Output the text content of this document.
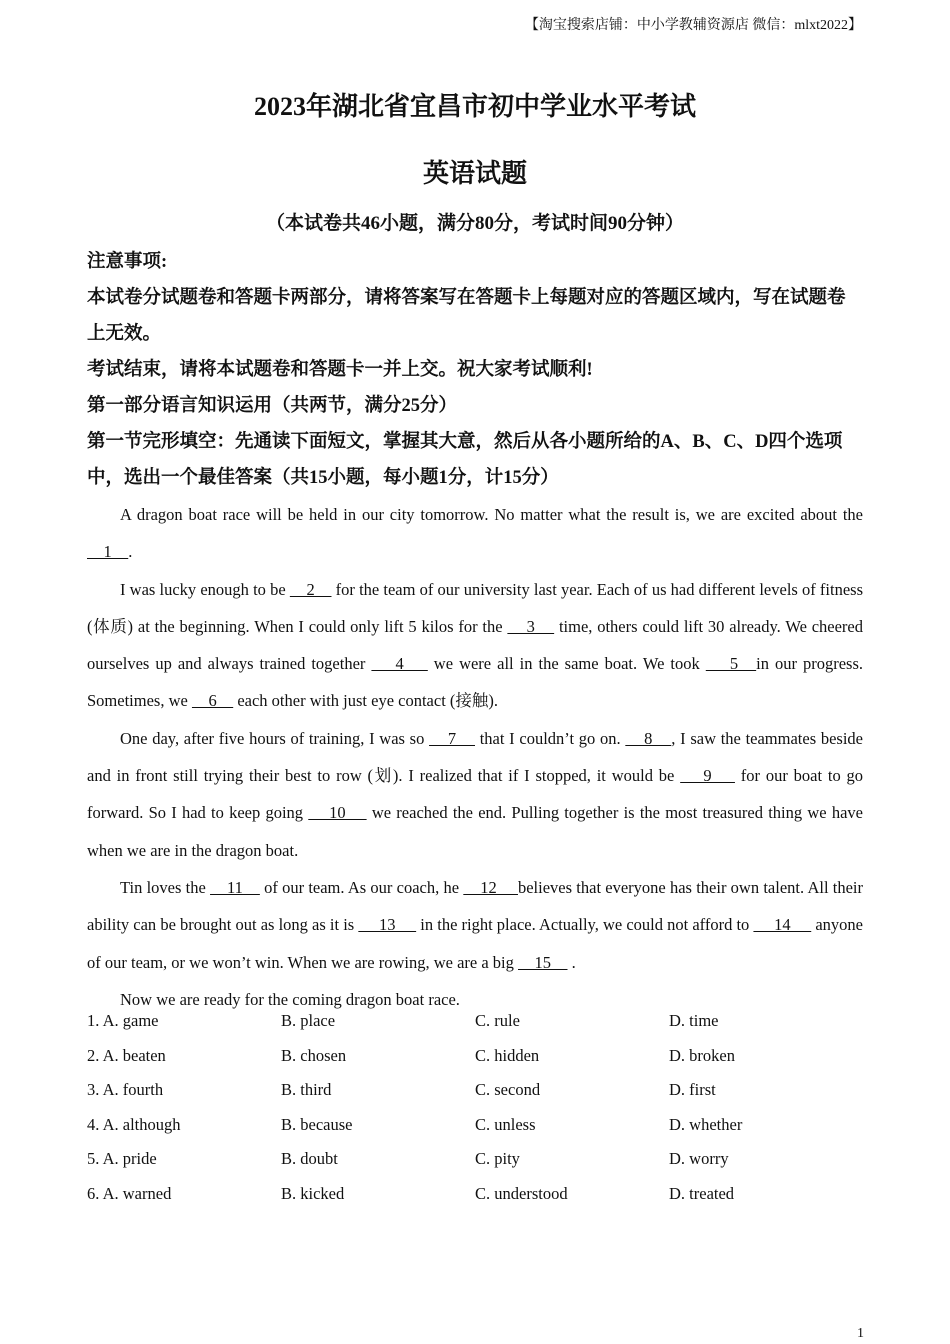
【淘宝搜索店铺：中小学教辅资源店 微信：mlxt2022】
2023年湖北省宜昌市初中学业水平考试
英语试题
（本试卷共46小题，满分80分，考试时间90分钟）

注意事项:

本试卷分试题卷和答题卡两部分，请将答案写在答题卡上每题对应的答题区域内，写在试题卷上无效。

考试结束，请将本试题卷和答题卡一并上交。祝大家考试顺利!

第一部分语言知识运用（共两节，满分25分）

第一节完形填空：先通读下面短文，掌握其大意，然后从各小题所给的A、B、C、D四个选项中，选出一个最佳答案（共15小题，每小题1分，计15分）

A dragon boat race will be held in our city tomorrow. No matter what the result is, we are excited about the     1    .

I was lucky enough to be     2     for the team of our university last year. Each of us had different levels of fitness (体质) at the beginning. When I could only lift 5 kilos for the     3     time, others could lift 30 already. We cheered ourselves up and always trained together     4     we were all in the same boat. We took     5   in our progress. Sometimes, we     6     each other with just eye contact (接触).

One day, after five hours of training, I was so     7     that I couldn’t go on.     8    , I saw the teammates beside and in front still trying their best to row (划). I realized that if I stopped, it would be     9     for our boat to go forward. So I had to keep going     10     we reached the end. Pulling together is the most treasured thing we have when we are in the dragon boat.

Tin loves the     11     of our team. As our coach, he     12     believes that everyone has their own talent. All their ability can be brought out as long as it is      13      in the right place. Actually, we could not afford to      14      anyone of our team, or we won’t win. When we are rowing, we are a big     15     .

Now we are ready for the coming dragon boat race.

1. A. game	B. place	C. rule	D. time
2. A. beaten	B. chosen	C. hidden	D. broken
3. A. fourth	B. third	C. second	D. first
4. A. although	B. because	C. unless	D. whether
5. A. pride	B. doubt	C. pity	D. worry
6. A. warned	B. kicked	C. understood	D. treated
1
